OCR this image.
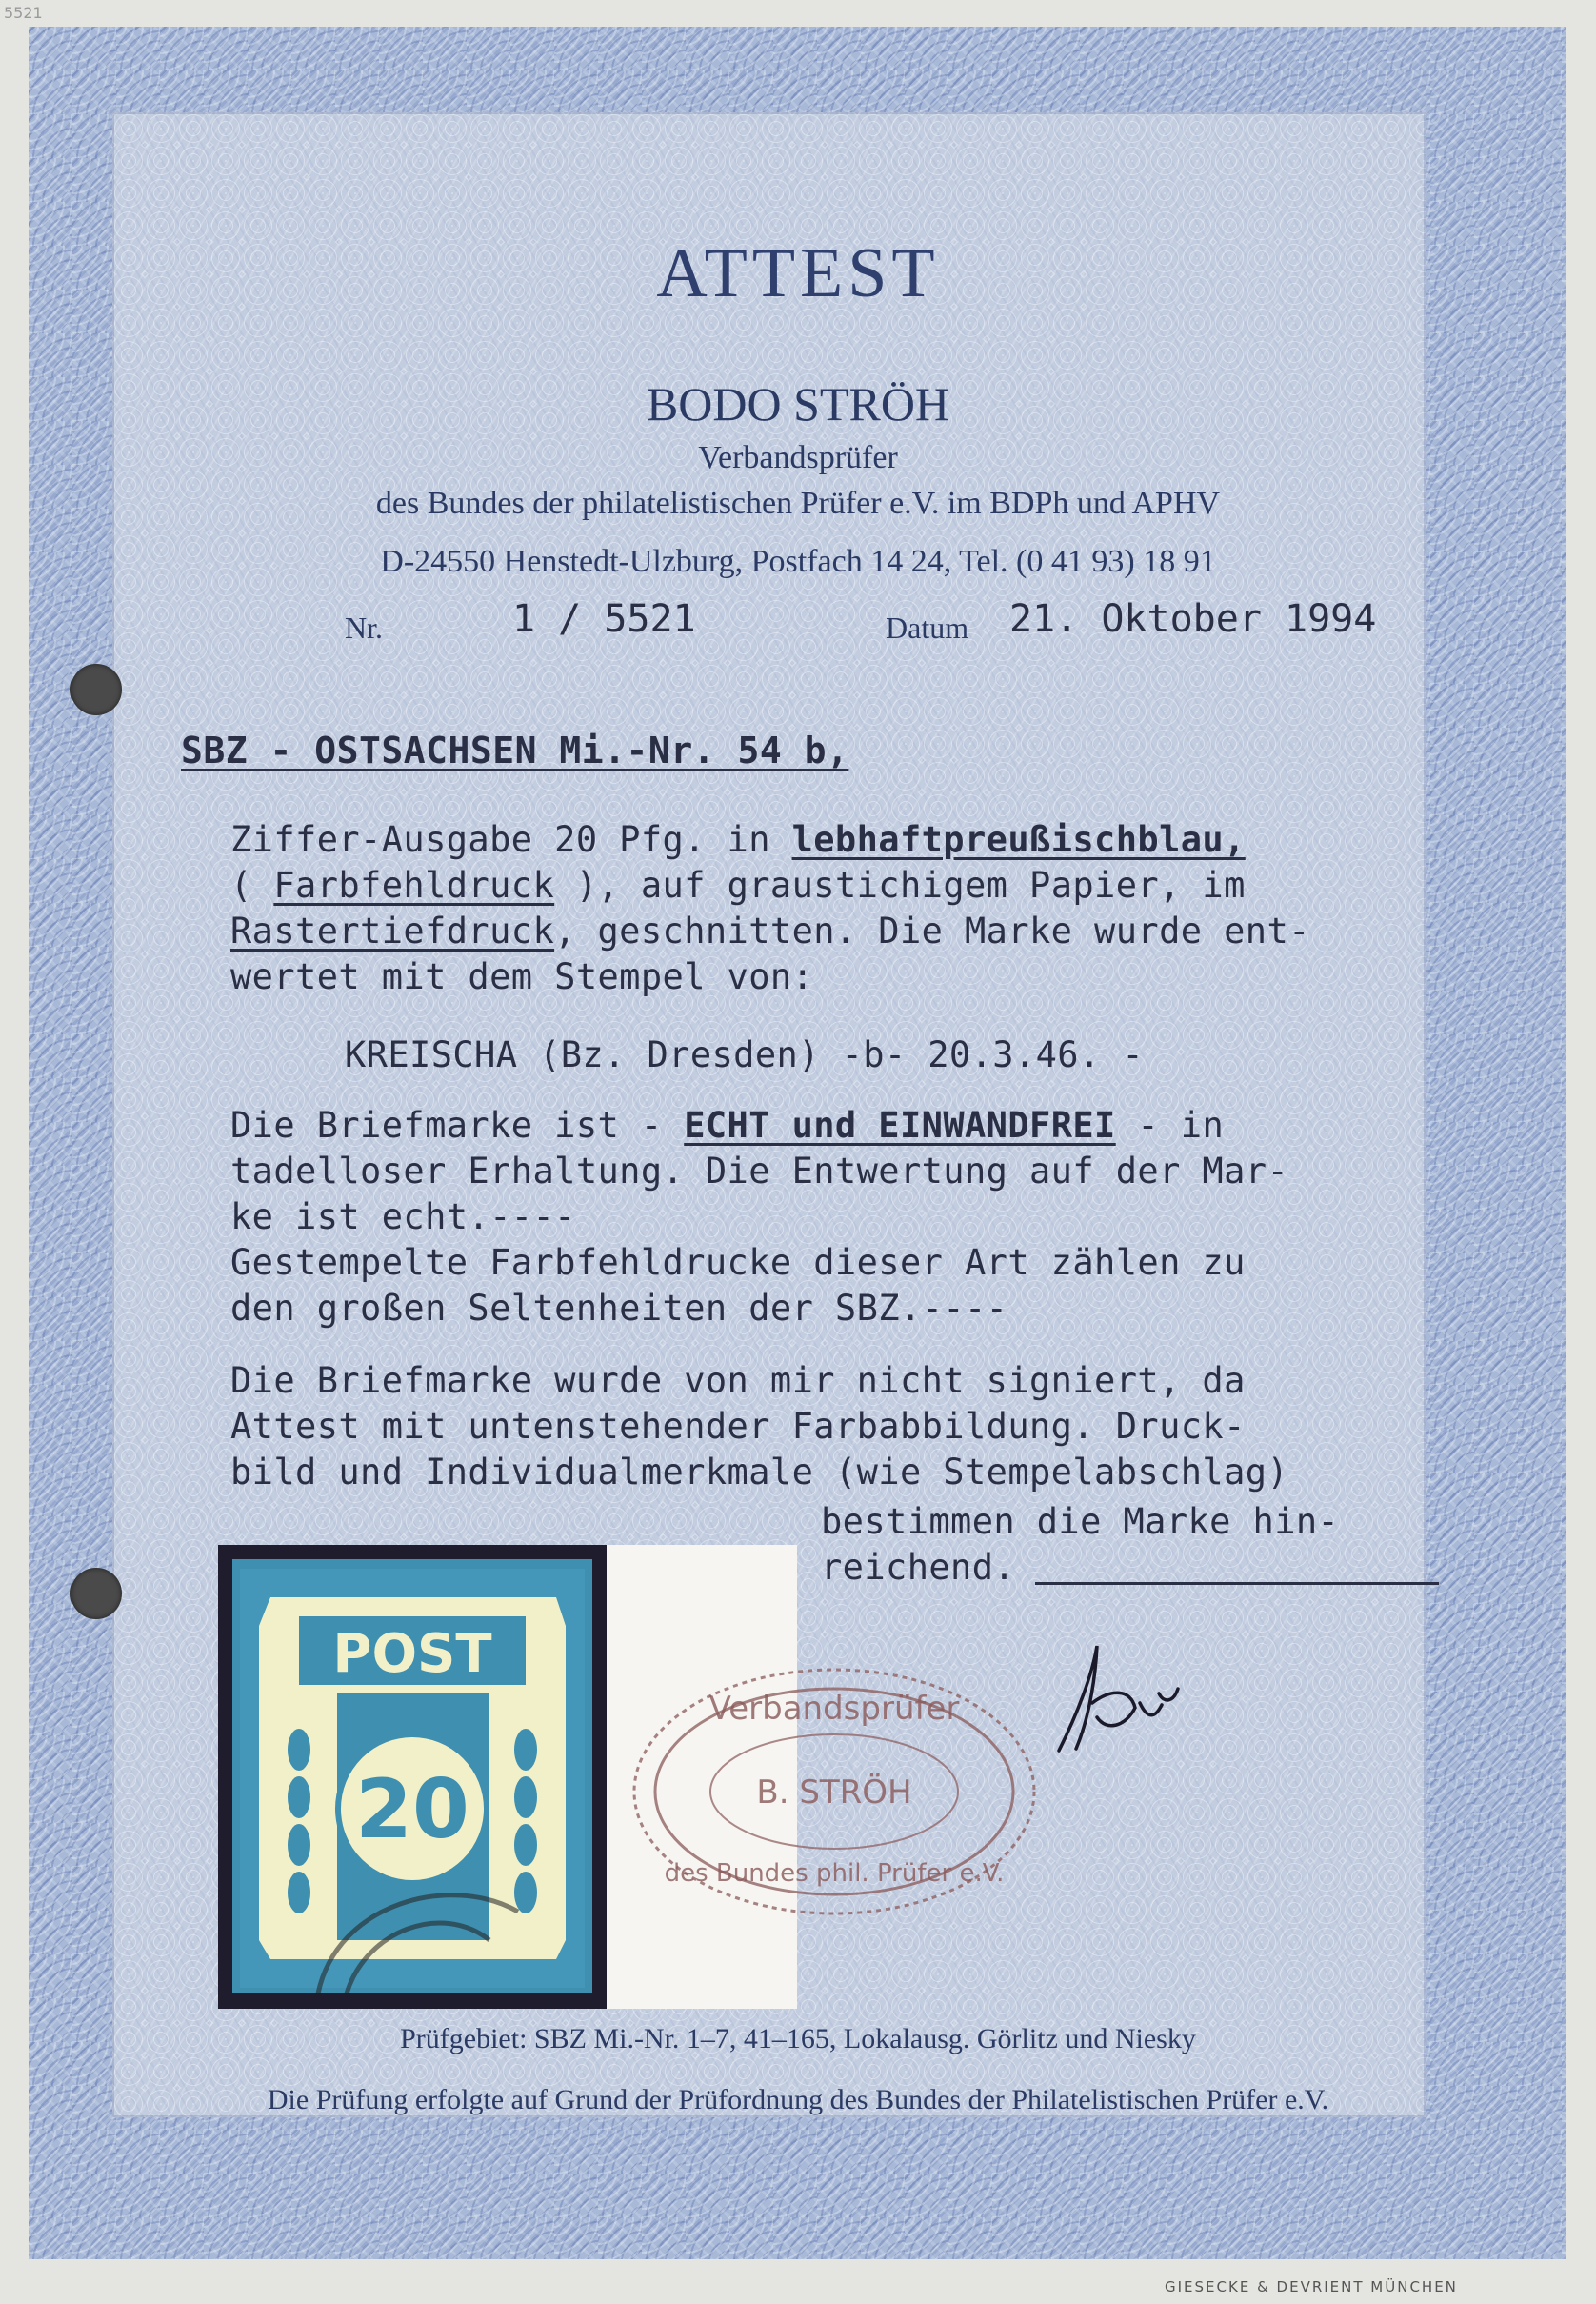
5521
ATTEST
BODO STRÖH
Verbandsprüfer
des Bundes der philatelistischen Prüfer e.V. im BDPh und APHV
D-24550 Henstedt-Ulzburg, Postfach 14 24, Tel. (0 41 93) 18 91
Nr.	1 / 5521	Datum 21. Oktober 1994
SBZ - OSTSACHSEN Mi.-Nr. 54 b,
Ziffer-Ausgabe 20 Pfg. in lebhaftpreußischblau,
( Farbfehldruck ), auf graustichigem Papier, im
Rastertiefdruck, geschnitten. Die Marke wurde ent-
wertet mit dem Stempel von:
KREISCHA (Bz. Dresden) -b- 20.3.46. -
Die Briefmarke ist - ECHT und EINWANDFREI - in
tadelloser Erhaltung. Die Entwertung auf der Mar-
ke ist echt.----
Gestempelte Farbfehldrucke dieser Art zählen zu
den großen Seltenheiten der SBZ.----
Die Briefmarke wurde von mir nicht signiert, da
Attest mit untenstehender Farbabbildung. Druck-
bild und Individualmerkmale (wie Stempelabschlag)
bestimmen die Marke hin-
reichend.
POST
20
Verbandsprüfer
B. STRÖH
des Bundes phil. Prüfer e.V.
Prüfgebiet: SBZ Mi.-Nr. 1–7, 41–165, Lokalausg. Görlitz und Niesky
Die Prüfung erfolgte auf Grund der Prüfordnung des Bundes der Philatelistischen Prüfer e.V.
GIESECKE & DEVRIENT MÜNCHEN
